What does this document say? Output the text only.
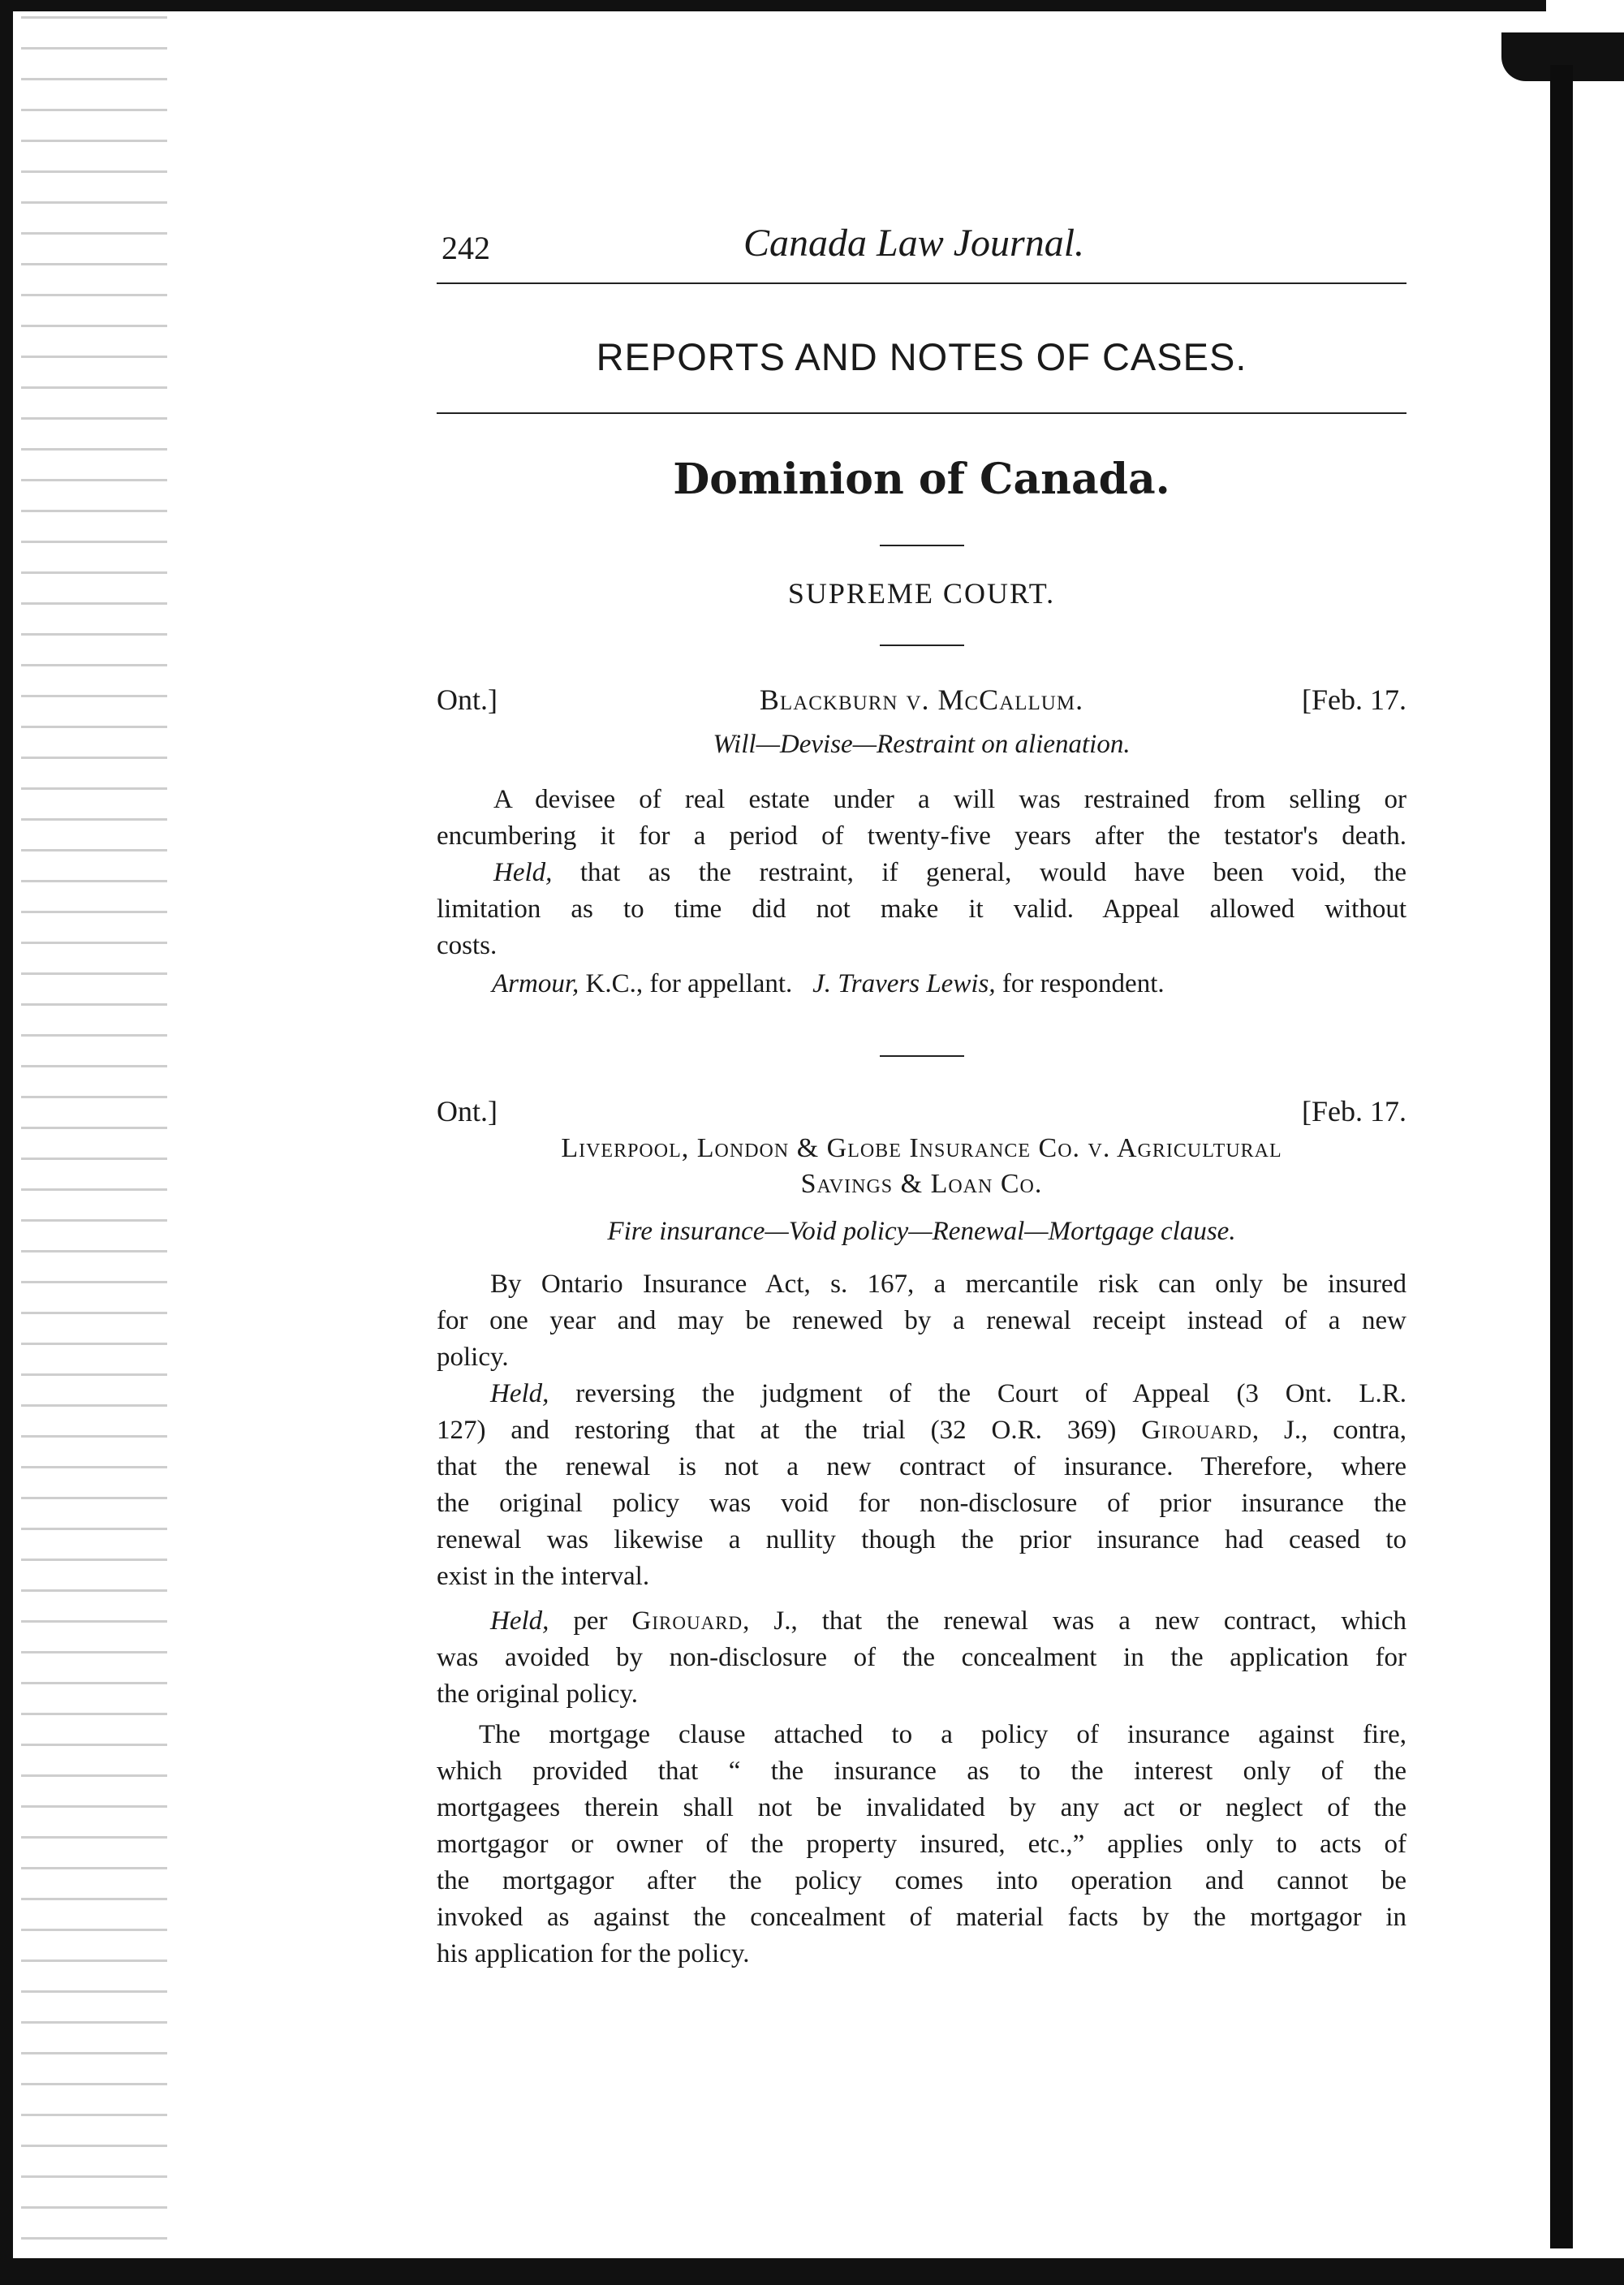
242	Canada Law Journal.
REPORTS AND NOTES OF CASES.
Dominion of Canada.
SUPREME COURT.
Ont.]	Blackburn v. McCallum.	[Feb. 17.
Will—Devise—Restraint on alienation.
A devisee of real estate under a will was restrained from selling or
encumbering it for a period of twenty-five years after the testator's death.
Held, that as the restraint, if general, would have been void, the
limitation as to time did not make it valid. Appeal allowed without
costs.
Armour, K.C., for appellant. J. Travers Lewis, for respondent.
Ont.]	[Feb. 17.
Liverpool, London & Globe Insurance Co. v. Agricultural
Savings & Loan Co.
Fire insurance—Void policy—Renewal—Mortgage clause.
By Ontario Insurance Act, s. 167, a mercantile risk can only be insured
for one year and may be renewed by a renewal receipt instead of a new
policy.
Held, reversing the judgment of the Court of Appeal (3 Ont. L.R.
127) and restoring that at the trial (32 O.R. 369) Girouard, J., contra,
that the renewal is not a new contract of insurance. Therefore, where
the original policy was void for non-disclosure of prior insurance the
renewal was likewise a nullity though the prior insurance had ceased to
exist in the interval.
Held, per Girouard, J., that the renewal was a new contract, which
was avoided by non-disclosure of the concealment in the application for
the original policy.
The mortgage clause attached to a policy of insurance against fire,
which provided that “ the insurance as to the interest only of the
mortgagees therein shall not be invalidated by any act or neglect of the
mortgagor or owner of the property insured, etc.,” applies only to acts of
the mortgagor after the policy comes into operation and cannot be
invoked as against the concealment of material facts by the mortgagor in
his application for the policy.
